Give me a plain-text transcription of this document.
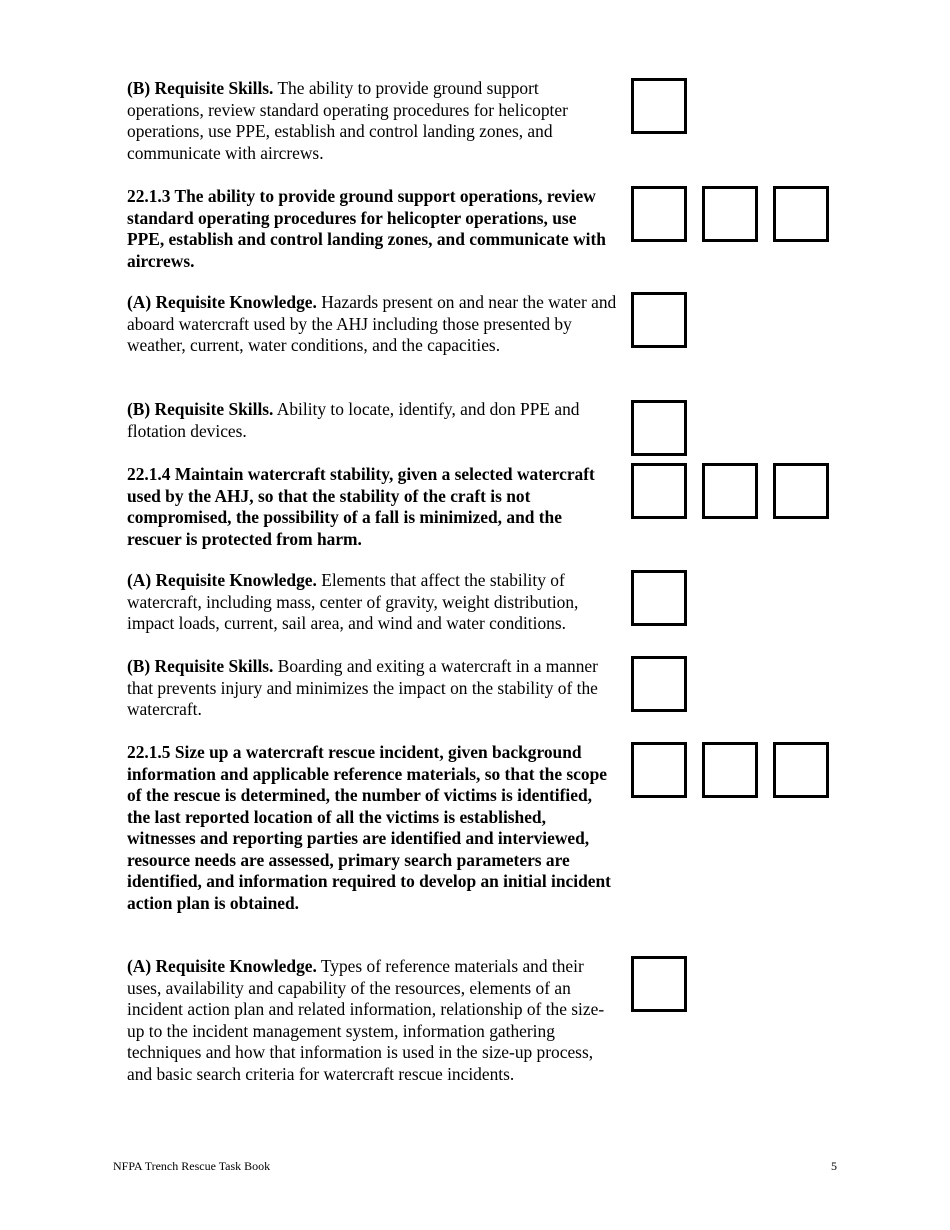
(B) Requisite Skills. The ability to provide ground support operations, review standard operating procedures for helicopter operations, use PPE, establish and control landing zones, and communicate with aircrews.

22.1.3 The ability to provide ground support operations, review standard operating procedures for helicopter operations, use PPE, establish and control landing zones, and communicate with aircrews.

(A) Requisite Knowledge. Hazards present on and near the water and aboard watercraft used by the AHJ including those presented by weather, current, water conditions, and the capacities.

(B) Requisite Skills. Ability to locate, identify, and don PPE and flotation devices.

22.1.4 Maintain watercraft stability, given a selected watercraft used by the AHJ, so that the stability of the craft is not compromised, the possibility of a fall is minimized, and the rescuer is protected from harm.

(A) Requisite Knowledge. Elements that affect the stability of watercraft, including mass, center of gravity, weight distribution, impact loads, current, sail area, and wind and water conditions.

(B) Requisite Skills. Boarding and exiting a watercraft in a manner that prevents injury and minimizes the impact on the stability of the watercraft.

22.1.5 Size up a watercraft rescue incident, given background information and applicable reference materials, so that the scope of the rescue is determined, the number of victims is identified, the last reported location of all the victims is established, witnesses and reporting parties are identified and interviewed, resource needs are assessed, primary search parameters are identified, and information required to develop an initial incident action plan is obtained.

(A) Requisite Knowledge. Types of reference materials and their uses, availability and capability of the resources, elements of an incident action plan and related information, relationship of the size-up to the incident management system, information gathering techniques and how that information is used in the size-up process, and basic search criteria for watercraft rescue incidents.

NFPA Trench Rescue Task Book	5
